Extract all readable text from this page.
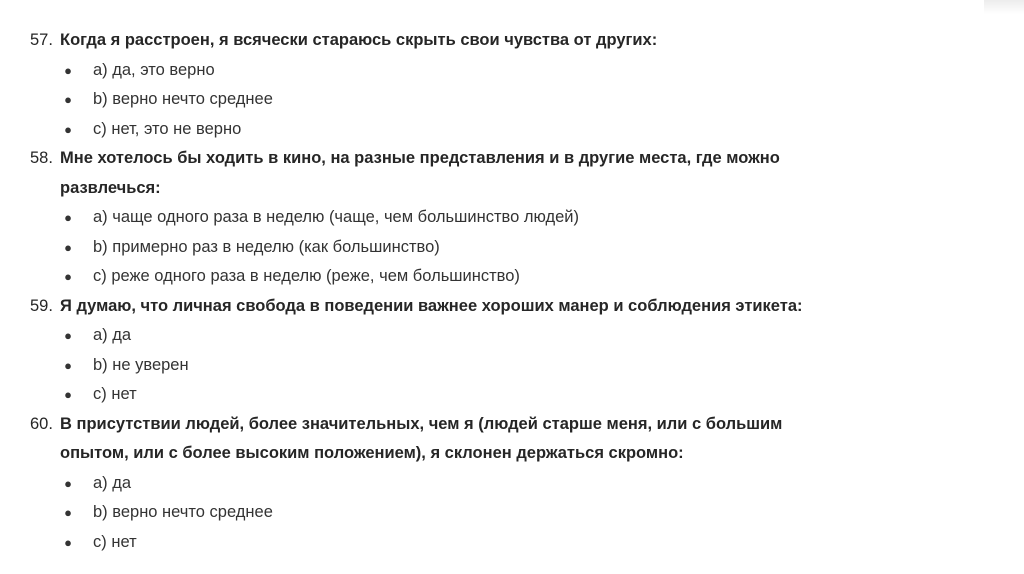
57. Когда я расстроен, я всячески стараюсь скрыть свои чувства от других:
● a) да, это верно
● b) верно нечто среднее
● c) нет, это не верно
58. Мне хотелось бы ходить в кино, на разные представления и в другие места, где можно развлечься:
● a) чаще одного раза в неделю (чаще, чем большинство людей)
● b) примерно раз в неделю (как большинство)
● c) реже одного раза в неделю (реже, чем большинство)
59. Я думаю, что личная свобода в поведении важнее хороших манер и соблюдения этикета:
● a) да
● b) не уверен
● c) нет
60. В присутствии людей, более значительных, чем я (людей старше меня, или с большим опытом, или с более высоким положением), я склонен держаться скромно:
● a) да
● b) верно нечто среднее
● c) нет
